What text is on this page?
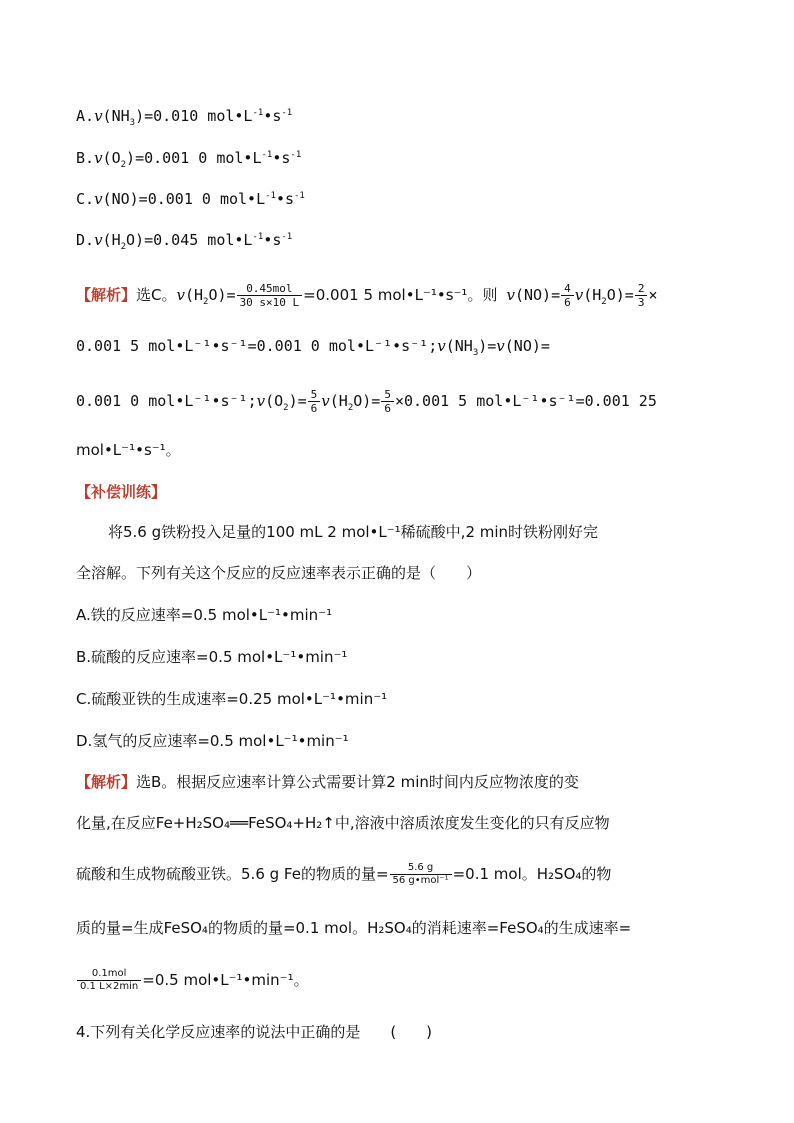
$A.v(NH_3)=0.010$ $mol•L^{-1}•s^{-1}$
$B.v(O_2)=0.001$ 0 $mol•L^{-1}•s^{-1}$
C.v(NO)=0.001 0 $mol•L^{-1}•s^{-1}$
$D.v(H_2O)=0.045$ $mol•L^{-1}•s^{-1}$
【解析】选C。$v(H_2O)= \frac{\text{0.45mol}}{30 s\times 10 L} =0.001$ 5 mol•L⁻¹•s⁻¹。则 $v(NO)= \frac{4}{6} v(H_2O)= \frac{2}{3}$ ×
0.001 5 mol•L⁻¹•s⁻¹=0.001 0 $mol•L^{-1}•s^{-1};v(NH_3)=v(NO)=$
0.001 0 $mol•L^{-1}•s^{-1};v(O_2)= \frac{5}{6} v(H_2O)= \frac{5}{6} \times 0.001$ 5 mol•L⁻¹•s⁻¹=0.001 25
mol•L⁻¹•s⁻¹。
【补偿训练】
将5.6 g铁粉投入足量的100 mL 2 mol•L⁻¹稀硫酸中,2 min时铁粉刚好完
全溶解。下列有关这个反应的反应速率表示正确的是（　　）
A.铁的反应速率=0.5 mol•L⁻¹•min⁻¹
B.硫酸的反应速率=0.5 mol•L⁻¹•min⁻¹
C.硫酸亚铁的生成速率=0.25 mol•L⁻¹•min⁻¹
D.氢气的反应速率=0.5 mol•L⁻¹•min⁻¹
【解析】选B。根据反应速率计算公式需要计算2 min时间内反应物浓度的变
化量,在反应Fe+H₂SO₄══FeSO₄+H₂↑中,溶液中溶质浓度发生变化的只有反应物
硫酸和生成物硫酸亚铁。5.6 g Fe的物质的量= $\frac{5.6 g}{\text{56 g•mol⁻¹}} =0.1$ mol。H₂SO₄的物
质的量=生成FeSO₄的物质的量=0.1 mol。H₂SO₄的消耗速率=FeSO₄的生成速率=
$\frac{\text{0.1mol}}{0.1 L\times 2\min} =0.5$ mol•L⁻¹•min⁻¹。
4.下列有关化学反应速率的说法中正确的是　　(　　)
